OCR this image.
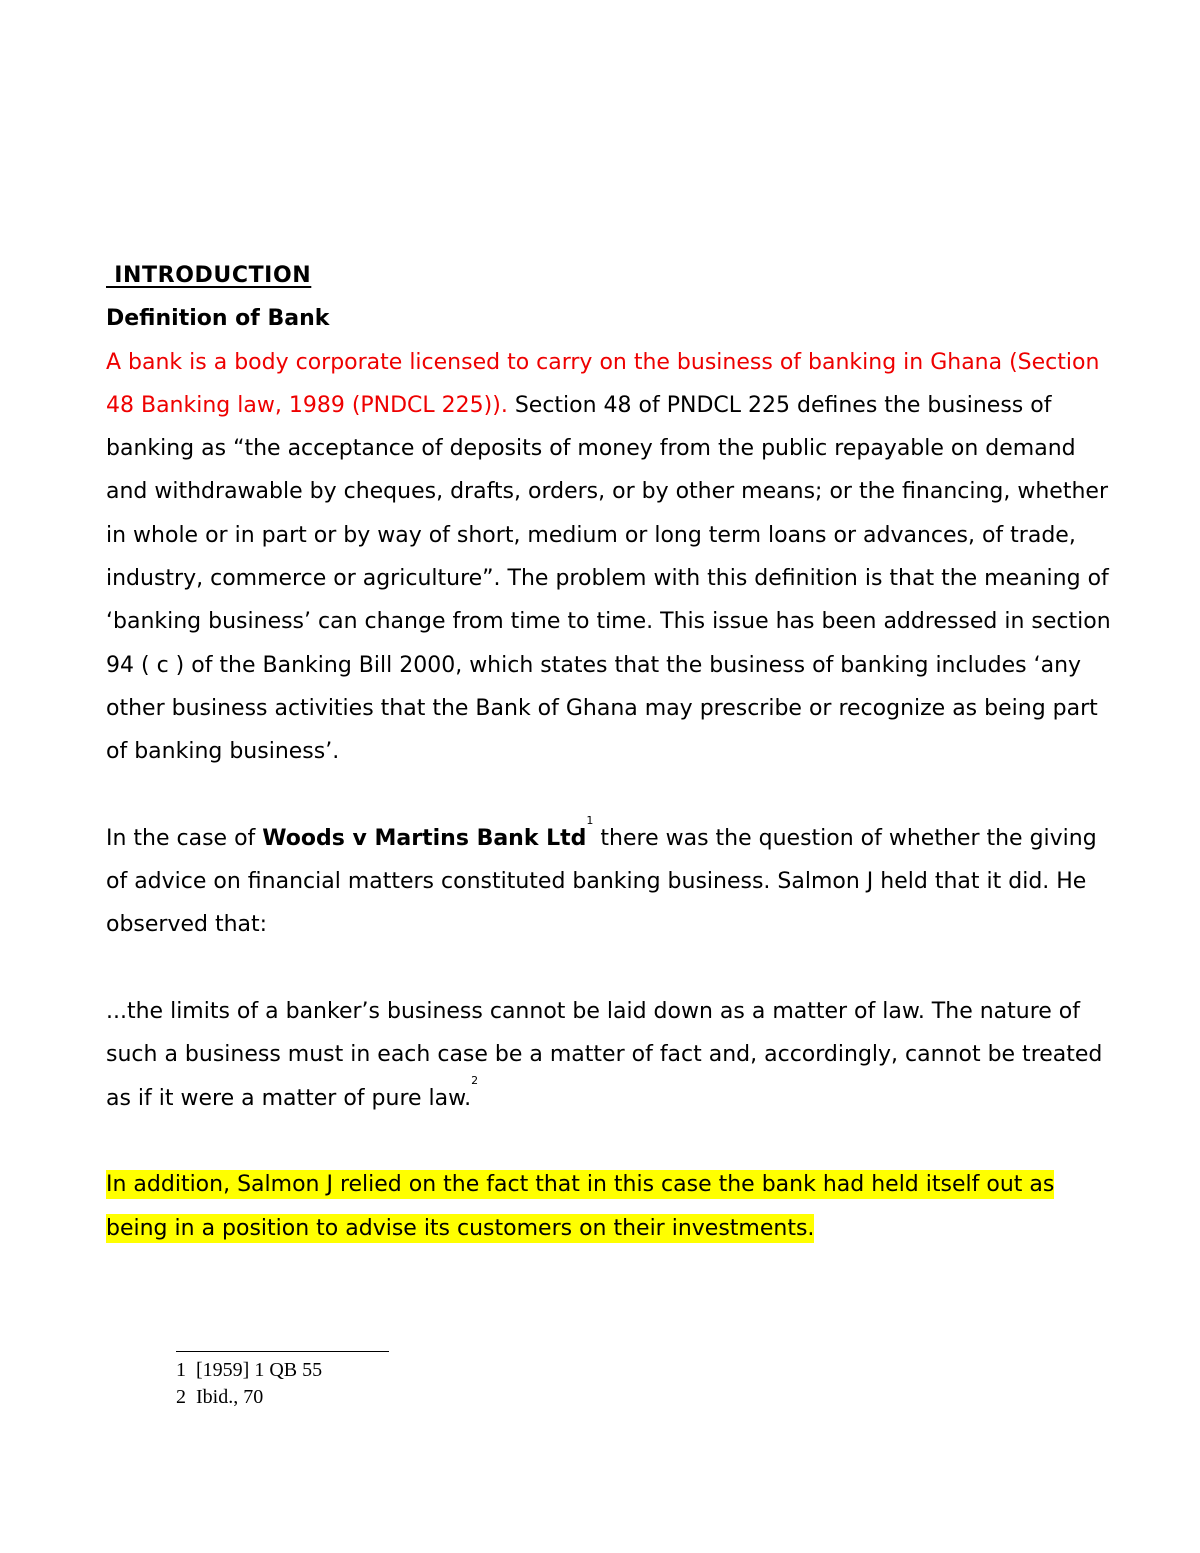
INTRODUCTION
Definition of Bank

A bank is a body corporate licensed to carry on the business of banking in Ghana (Section 48 Banking law, 1989 (PNDCL 225)). Section 48 of PNDCL 225 defines the business of banking as “the acceptance of deposits of money from the public repayable on demand and withdrawable by cheques, drafts, orders, or by other means; or the financing, whether in whole or in part or by way of short, medium or long term loans or advances, of trade, industry, commerce or agriculture”. The problem with this definition is that the meaning of ‘banking business’ can change from time to time. This issue has been addressed in section 94 ( c ) of the Banking Bill 2000, which states that the business of banking includes ‘any other business activities that the Bank of Ghana may prescribe or recognize as being part of banking business’.

In the case of Woods v Martins Bank Ltd$^1$ there was the question of whether the giving of advice on financial matters constituted banking business. Salmon J held that it did. He observed that:

...the limits of a banker’s business cannot be laid down as a matter of law. The nature of such a business must in each case be a matter of fact and, accordingly, cannot be treated as if it were a matter of pure law.$^2$

In addition, Salmon J relied on the fact that in this case the bank had held itself out as being in a position to advise its customers on their investments.

1 [1959] 1 QB 55
2 Ibid., 70
